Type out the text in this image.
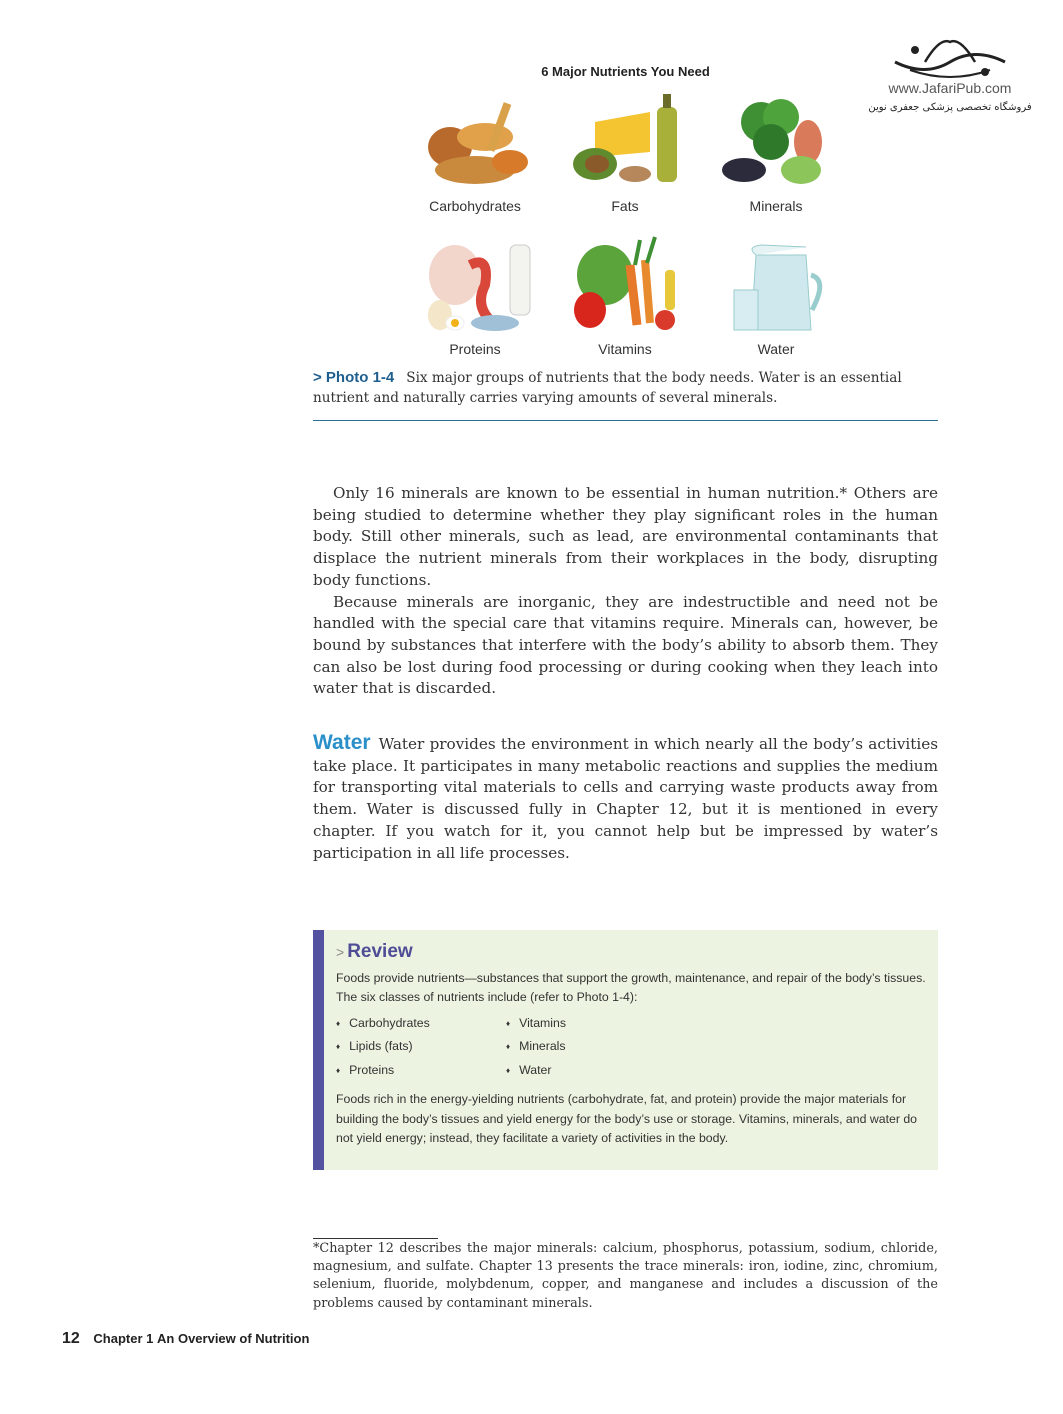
www.JafariPub.com
فروشگاه تخصصی پزشکی جعفری نوین
6 Major Nutrients You Need
Carbohydrates	Fats	Minerals
Proteins	Vitamins	Water
> Photo 1-4 Six major groups of nutrients that the body needs. Water is an essential nutrient and naturally carries varying amounts of several minerals.

Only 16 minerals are known to be essential in human nutrition.* Others are being studied to determine whether they play significant roles in the human body. Still other minerals, such as lead, are environmental contaminants that displace the nutrient minerals from their workplaces in the body, disrupting body functions.

Because minerals are inorganic, they are indestructible and need not be handled with the special care that vitamins require. Minerals can, however, be bound by substances that interfere with the body’s ability to absorb them. They can also be lost during food processing or during cooking when they leach into water that is discarded.

Water Water provides the environment in which nearly all the body’s activities take place. It participates in many metabolic reactions and supplies the medium for transporting vital materials to cells and carrying waste products away from them. Water is discussed fully in Chapter 12, but it is mentioned in every chapter. If you watch for it, you cannot help but be impressed by water’s participation in all life processes.
> Review
Foods provide nutrients—substances that support the growth, maintenance, and repair of the body’s tissues. The six classes of nutrients include (refer to Photo 1-4):
♦ Carbohydrates
♦ Lipids (fats)
♦ Proteins
♦ Vitamins
♦ Minerals
♦ Water
Foods rich in the energy-yielding nutrients (carbohydrate, fat, and protein) provide the major materials for building the body’s tissues and yield energy for the body’s use or storage. Vitamins, minerals, and water do not yield energy; instead, they facilitate a variety of activities in the body.
*Chapter 12 describes the major minerals: calcium, phosphorus, potassium, sodium, chloride, magnesium, and sulfate. Chapter 13 presents the trace minerals: iron, iodine, zinc, chromium, selenium, fluoride, molybdenum, copper, and manganese and includes a discussion of the problems caused by contaminant minerals.
12 Chapter 1 An Overview of Nutrition
